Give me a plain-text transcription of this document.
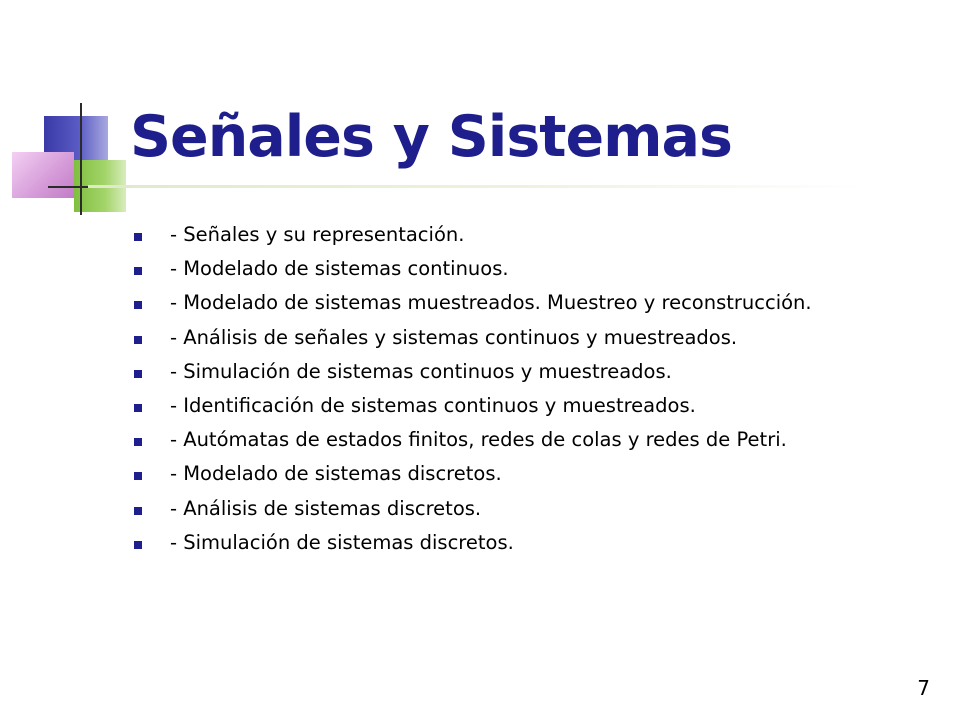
Señales y Sistemas
- Señales y su representación.
- Modelado de sistemas continuos.
- Modelado de sistemas muestreados. Muestreo y reconstrucción.
- Análisis de señales y sistemas continuos y muestreados.
- Simulación de sistemas continuos y muestreados.
- Identificación de sistemas continuos y muestreados.
- Autómatas de estados finitos, redes de colas y redes de Petri.
- Modelado de sistemas discretos.
- Análisis de sistemas discretos.
- Simulación de sistemas discretos.
7
